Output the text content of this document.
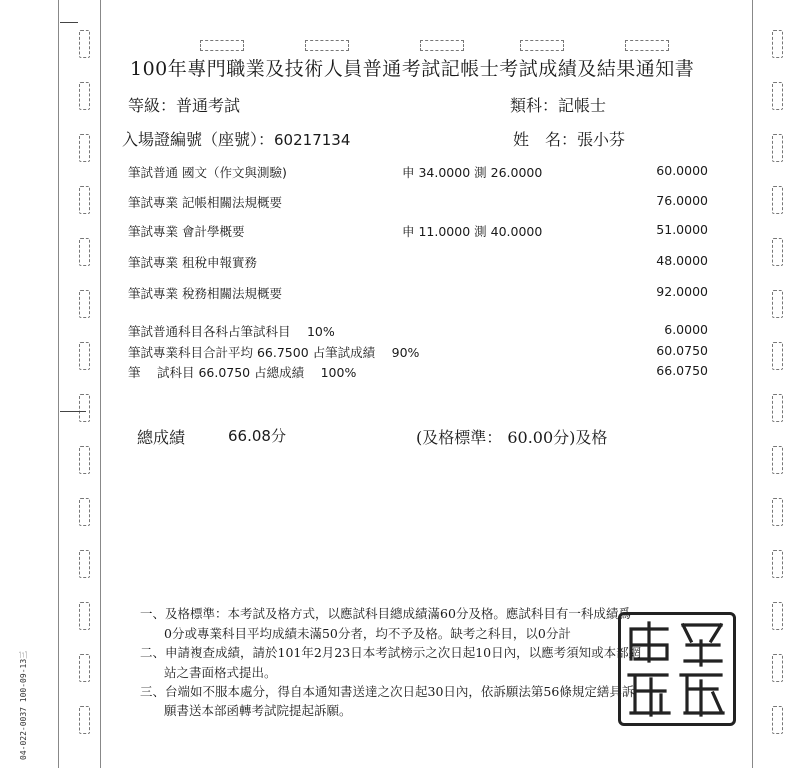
100年專門職業及技術人員普通考試記帳士考試成績及結果通知書
等級：普通考試	類科：記帳士
入場證編號（座號）：60217134	姓　名：張小芬
筆試普通 國文（作文與測驗)	申 34.0000 測 26.0000	60.0000
筆試專業 記帳相關法規概要	76.0000
筆試專業 會計學概要	申 11.0000 測 40.0000	51.0000
筆試專業 租稅申報實務	48.0000
筆試專業 稅務相關法規概要	92.0000
筆試普通科目各科占筆試科目　 10%	6.0000
筆試專業科目合計平均 66.7500 占筆試成績　 90%	60.0750
筆　 試科目 66.0750 占總成績　 100%	66.0750
總成績	66.08分	(及格標準： 60.00分)及格
一、及格標準：本考試及格方式，以應試科目總成績滿60分及格。應試科目有一科成績爲
0分或專業科目平均成績未滿50分者，均不予及格。缺考之科目，以0分計
二、申請複查成績，請於101年2月23日本考試榜示之次日起10日內，以應考須知或本部網
站之書面格式提出。
三、台端如不服本處分，得自本通知書送達之次日起30日內，依訴願法第56條規定繕具訴
願書送本部函轉考試院提起訴願。
04-022-0037 100-09-13三
